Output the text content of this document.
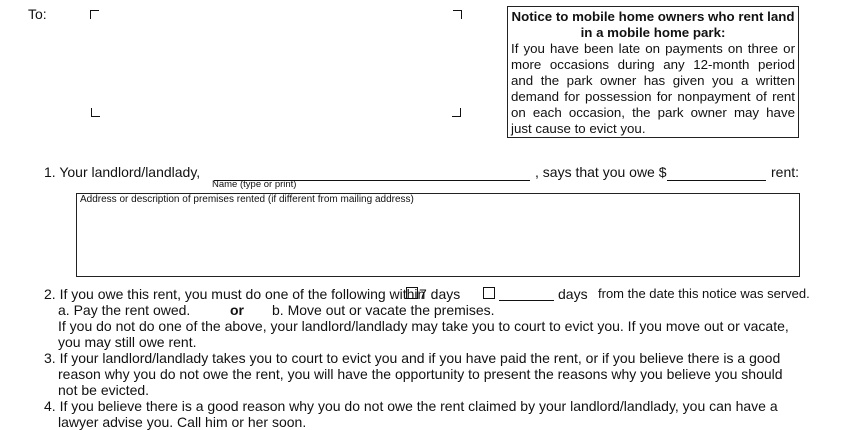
To:	Notice to mobile home owners who rent land in a mobile home park:
If you have been late on payments on three or more occasions during any 12-month period and the park owner has given you a written demand for possession for nonpayment of rent on each occasion, the park owner may have just cause to evict you.
1. Your landlord/landlady,
Name (type or print)
, says that you owe $	rent:
Address or description of premises rented (if different from mailing address)
2. If you owe this rent, you must do one of the following within
7 days	days from the date this notice was served.
a. Pay the rent owed.	or b. Move out or vacate the premises.
If you do not do one of the above, your landlord/landlady may take you to court to evict you. If you move out or vacate,
you may still owe rent.
3. If your landlord/landlady takes you to court to evict you and if you have paid the rent, or if you believe there is a good
reason why you do not owe the rent, you will have the opportunity to present the reasons why you believe you should
not be evicted.
4. If you believe there is a good reason why you do not owe the rent claimed by your landlord/landlady, you can have a
lawyer advise you. Call him or her soon.
